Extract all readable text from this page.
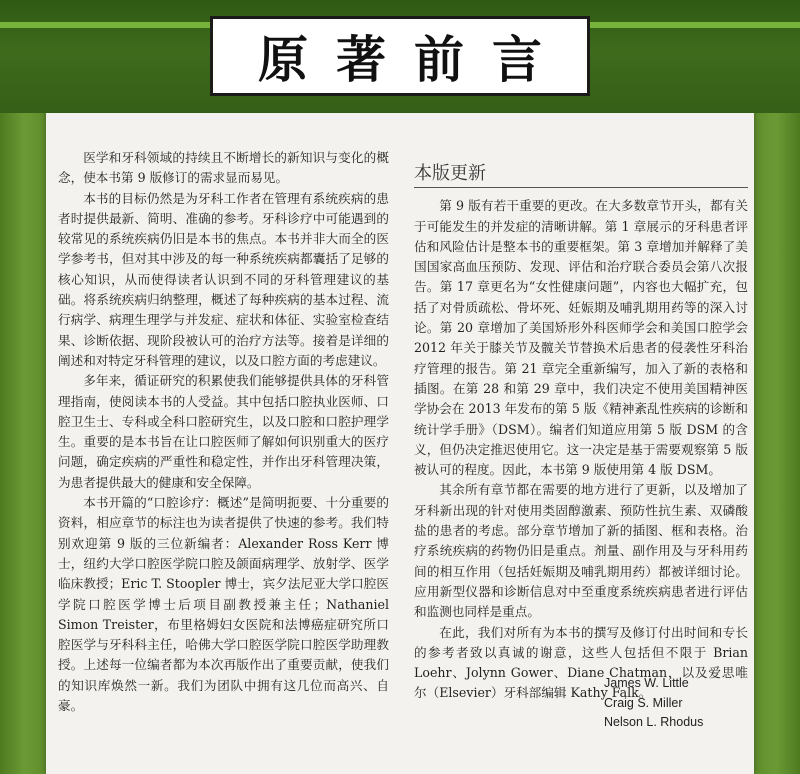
原著前言

医学和牙科领域的持续且不断增长的新知识与变化的概念，使本书第 9 版修订的需求显而易见。

本书的目标仍然是为牙科工作者在管理有系统疾病的患者时提供最新、简明、准确的参考。牙科诊疗中可能遇到的较常见的系统疾病仍旧是本书的焦点。本书并非大而全的医学参考书，但对其中涉及的每一种系统疾病都囊括了足够的核心知识，从而使得读者认识到不同的牙科管理建议的基础。将系统疾病归纳整理，概述了每种疾病的基本过程、流行病学、病理生理学与并发症、症状和体征、实验室检查结果、诊断依据、现阶段被认可的治疗方法等。接着是详细的阐述和对特定牙科管理的建议，以及口腔方面的考虑建议。

多年来，循证研究的积累使我们能够提供具体的牙科管理指南，使阅读本书的人受益。其中包括口腔执业医师、口腔卫生士、专科或全科口腔研究生，以及口腔和口腔护理学生。重要的是本书旨在让口腔医师了解如何识别重大的医疗问题，确定疾病的严重性和稳定性，并作出牙科管理决策，为患者提供最大的健康和安全保障。

本书开篇的“口腔诊疗：概述”是简明扼要、十分重要的资料，相应章节的标注也为读者提供了快速的参考。我们特别欢迎第 9 版的三位新编者：Alexander Ross Kerr 博士，纽约大学口腔医学院口腔及颌面病理学、放射学、医学临床教授；Eric T. Stoopler 博士，宾夕法尼亚大学口腔医学院口腔医学博士后项目副教授兼主任；Nathaniel Simon Treister，布里格姆妇女医院和法博癌症研究所口腔医学与牙科科主任，哈佛大学口腔医学院口腔医学助理教授。上述每一位编者都为本次再版作出了重要贡献，使我们的知识库焕然一新。我们为团队中拥有这几位而高兴、自豪。

本版更新

第 9 版有若干重要的更改。在大多数章节开头，都有关于可能发生的并发症的清晰讲解。第 1 章展示的牙科患者评估和风险估计是整本书的重要框架。第 3 章增加并解释了美国国家高血压预防、发现、评估和治疗联合委员会第八次报告。第 17 章更名为“女性健康问题”，内容也大幅扩充，包括了对骨质疏松、骨坏死、妊娠期及哺乳期用药等的深入讨论。第 20 章增加了美国矫形外科医师学会和美国口腔学会 2012 年关于膝关节及髋关节替换术后患者的侵袭性牙科治疗管理的报告。第 21 章完全重新编写，加入了新的表格和插图。在第 28 和第 29 章中，我们决定不使用美国精神医学协会在 2013 年发布的第 5 版《精神紊乱性疾病的诊断和统计学手册》（DSM）。编者们知道应用第 5 版 DSM 的含义，但仍决定推迟使用它。这一决定是基于需要观察第 5 版被认可的程度。因此，本书第 9 版使用第 4 版 DSM。

其余所有章节都在需要的地方进行了更新，以及增加了牙科新出现的针对使用类固醇激素、预防性抗生素、双磷酸盐的患者的考虑。部分章节增加了新的插图、框和表格。治疗系统疾病的药物仍旧是重点。剂量、副作用及与牙科用药间的相互作用（包括妊娠期及哺乳期用药）都被详细讨论。应用新型仪器和诊断信息对中至重度系统疾病患者进行评估和监测也同样是重点。

在此，我们对所有为本书的撰写及修订付出时间和专长的参考者致以真诚的谢意，这些人包括但不限于 Brian Loehr、Jolynn Gower、Diane Chatman，以及爱思唯尔（Elsevier）牙科部编辑 Kathy Falk。

James W. Little
Craig S. Miller
Nelson L. Rhodus
